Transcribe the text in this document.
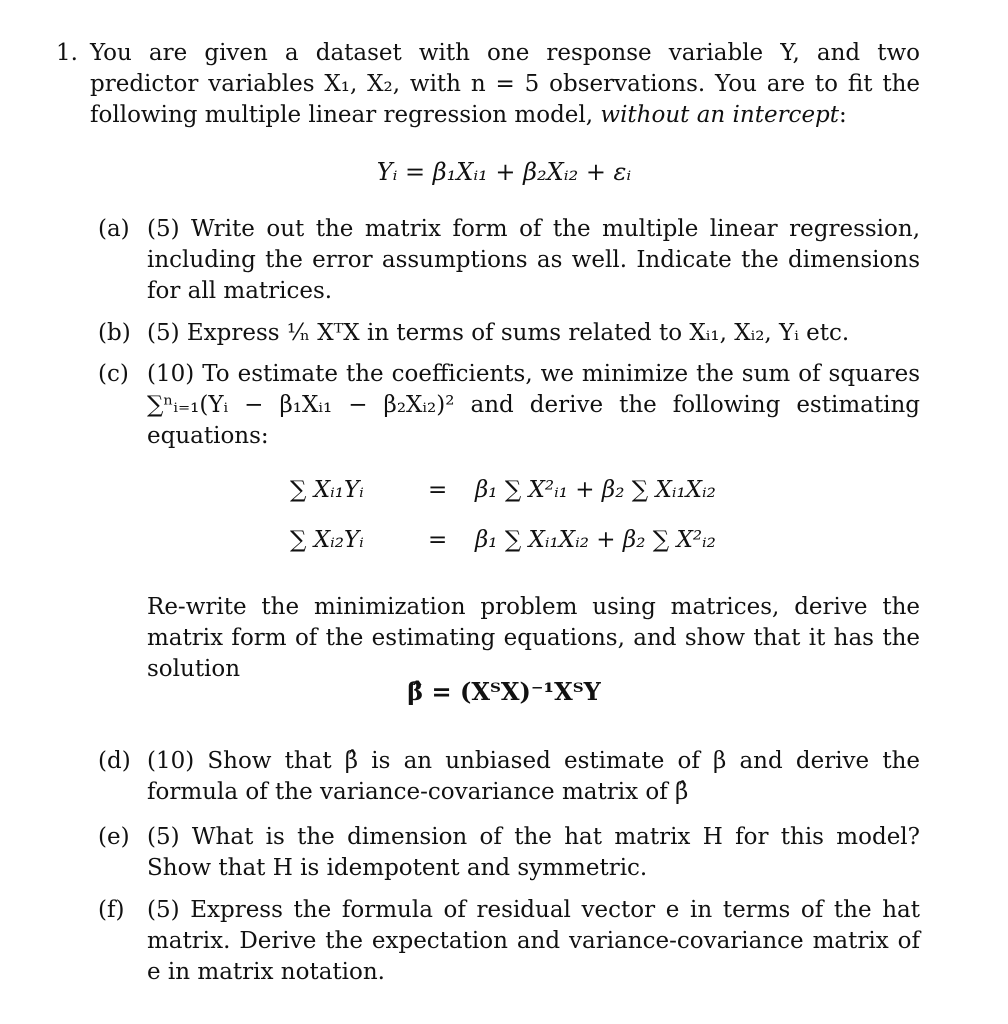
1. You are given a dataset with one response variable Y, and two predictor variables X₁, X₂, with n = 5 observations. You are to fit the following multiple linear regression model, without an intercept:
Yᵢ = β₁Xᵢ₁ + β₂Xᵢ₂ + εᵢ
(a) (5) Write out the matrix form of the multiple linear regression, including the error assumptions as well. Indicate the dimensions for all matrices.
(b) (5) Express ¹⁄ₙ XᵀX in terms of sums related to Xᵢ₁, Xᵢ₂, Yᵢ etc.
(c) (10) To estimate the coefficients, we minimize the sum of squares ∑ⁿᵢ₌₁(Yᵢ − β₁Xᵢ₁ − β₂Xᵢ₂)² and derive the following estimating equations:
∑ Xᵢ₁Yᵢ	=	β₁ ∑ X²ᵢ₁ + β₂ ∑ Xᵢ₁Xᵢ₂
∑ Xᵢ₂Yᵢ	=	β₁ ∑ Xᵢ₁Xᵢ₂ + β₂ ∑ X²ᵢ₂
Re-write the minimization problem using matrices, derive the matrix form of the estimating equations, and show that it has the solution
β̂ = (XᵀX)⁻¹XᵀY
(d) (10) Show that β̂ is an unbiased estimate of β and derive the formula of the variance-covariance matrix of β̂
(e) (5) What is the dimension of the hat matrix H for this model? Show that H is idempotent and symmetric.
(f) (5) Express the formula of residual vector e in terms of the hat matrix. Derive the expectation and variance-covariance matrix of e in matrix notation.
